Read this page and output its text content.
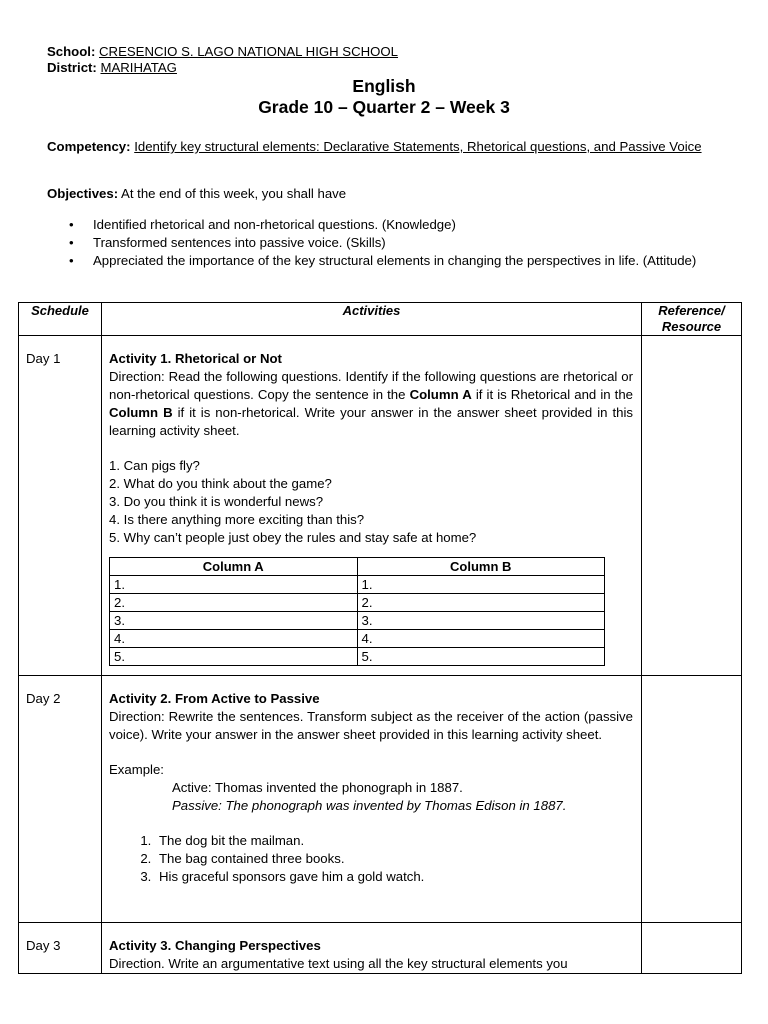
School: CRESENCIO S. LAGO NATIONAL HIGH SCHOOL
District: MARIHATAG
English
Grade 10 – Quarter 2 – Week 3
Competency: Identify key structural elements: Declarative Statements, Rhetorical questions, and Passive Voice
Objectives: At the end of this week, you shall have
• Identified rhetorical and non-rhetorical questions. (Knowledge)
• Transformed sentences into passive voice. (Skills)
• Appreciated the importance of the key structural elements in changing the perspectives in life. (Attitude)
Schedule	Activities	Reference/ Resource
Day 1	Activity 1. Rhetorical or Not

Direction: Read the following questions. Identify if the following questions are rhetorical or non-rhetorical questions. Copy the sentence in the Column A if it is Rhetorical and in the Column B if it is non-rhetorical. Write your answer in the answer sheet provided in this learning activity sheet.

1. Can pigs fly?

2. What do you think about the game?

3. Do you think it is wonderful news?

4. Is there anything more exciting than this?

5. Why can’t people just obey the rules and stay safe at home?

Column A	Column B
1.	1.
2.	2.
3.	3.
4.	4.
5.	5.

Day 2	Activity 2. From Active to Passive

Direction: Rewrite the sentences. Transform subject as the receiver of the action (passive voice). Write your answer in the answer sheet provided in this learning activity sheet.

Example:

Active: Thomas invented the phonograph in 1887.

Passive: The phonograph was invented by Thomas Edison in 1887.

1. The dog bit the mailman.
2. The bag contained three books.
3. His graceful sponsors gave him a gold watch.

Day 3	Activity 3. Changing Perspectives

Direction. Write an argumentative text using all the key structural elements you
